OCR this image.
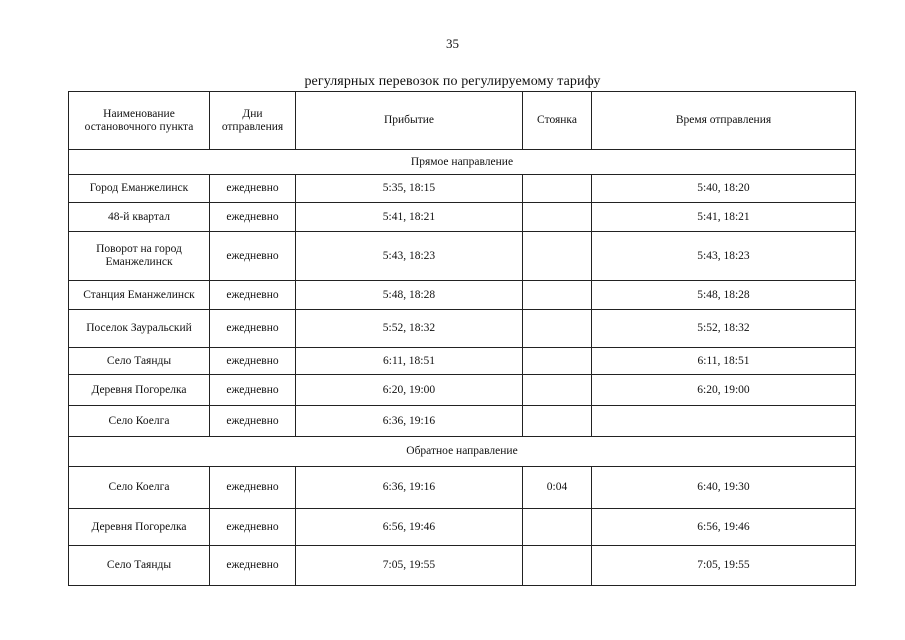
35
регулярных перевозок по регулируемому тарифу
Наименование остановочного пункта	Дни отправления	Прибытие	Стоянка	Время отправления
Прямое направление				
Город Еманжелинск	ежедневно	5:35, 18:15		5:40, 18:20
48-й квартал	ежедневно	5:41, 18:21		5:41, 18:21
Поворот на город Еманжелинск	ежедневно	5:43, 18:23		5:43, 18:23
Станция Еманжелинск	ежедневно	5:48, 18:28		5:48, 18:28
Поселок Зауральский	ежедневно	5:52, 18:32		5:52, 18:32
Село Таянды	ежедневно	6:11, 18:51		6:11, 18:51
Деревня Погорелка	ежедневно	6:20, 19:00		6:20, 19:00
Село Коелга	ежедневно	6:36, 19:16		
Обратное направление				
Село Коелга	ежедневно	6:36, 19:16	0:04	6:40, 19:30
Деревня Погорелка	ежедневно	6:56, 19:46		6:56, 19:46
Село Таянды	ежедневно	7:05, 19:55		7:05, 19:55
